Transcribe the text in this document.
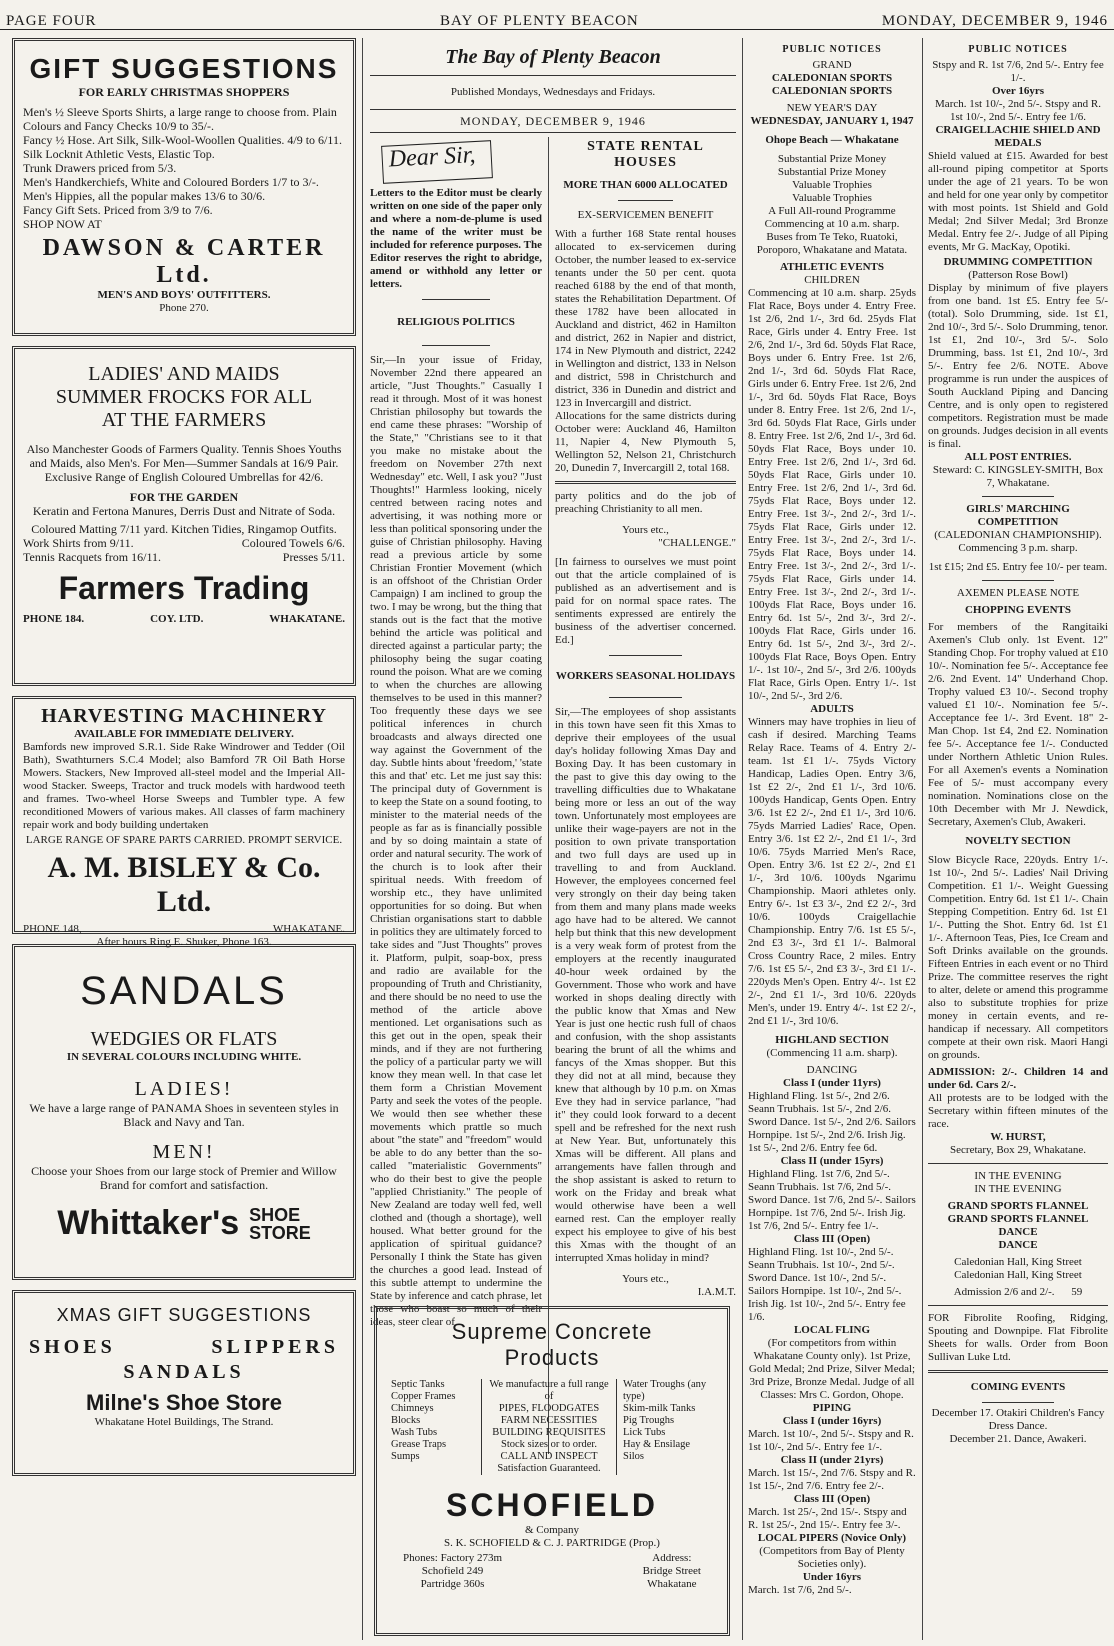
PAGE FOUR	BAY OF PLENTY BEACON	MONDAY, DECEMBER 9, 1946
GIFT SUGGESTIONS
FOR EARLY CHRISTMAS SHOPPERS
Men's ½ Sleeve Sports Shirts, a large range to choose from. Plain Colours and Fancy Checks 10/9 to 35/-.
Fancy ½ Hose. Art Silk, Silk-Wool-Woollen Qualities. 4/9 to 6/11.
Silk Locknit Athletic Vests, Elastic Top.
Trunk Drawers priced from 5/3.
Men's Handkerchiefs, White and Coloured Borders 1/7 to 3/-.
Men's Hippies, all the popular makes 13/6 to 30/6.
Fancy Gift Sets. Priced from 3/9 to 7/6.
SHOP NOW AT
DAWSON & CARTER Ltd.
MEN'S AND BOYS' OUTFITTERS.
Phone 270.
LADIES' AND MAIDS
SUMMER FROCKS FOR ALL
AT THE FARMERS
Also Manchester Goods of Farmers Quality. Tennis Shoes Youths and Maids, also Men's. For Men—Summer Sandals at 16/9 Pair. Exclusive Range of English Coloured Umbrellas for 42/6.
FOR THE GARDEN
Keratin and Fertona Manures, Derris Dust and Nitrate of Soda.
Coloured Matting 7/11 yard. Kitchen Tidies, Ringamop Outfits.
Work Shirts from 9/11.	Coloured Towels 6/6.
Tennis Racquets from 16/11.	Presses 5/11.
Farmers Trading
PHONE 184.	COY. LTD.	WHAKATANE.
HARVESTING MACHINERY
AVAILABLE FOR IMMEDIATE DELIVERY.
Bamfords new improved S.R.1. Side Rake Windrower and Tedder (Oil Bath), Swathturners S.C.4 Model; also Bamford 7R Oil Bath Horse Mowers. Stackers, New Improved all-steel model and the Imperial All-wood Stacker. Sweeps, Tractor and truck models with hardwood teeth and frames. Two-wheel Horse Sweeps and Tumbler type. A few reconditioned Mowers of various makes. All classes of farm machinery repair work and body building undertaken
LARGE RANGE OF SPARE PARTS CARRIED. PROMPT SERVICE.
A. M. BISLEY & Co. Ltd.
PHONE 148,	WHAKATANE.
After hours Ring E. Shuker, Phone 163.
SANDALS
WEDGIES OR FLATS
IN SEVERAL COLOURS INCLUDING WHITE.
LADIES!
We have a large range of PANAMA Shoes in seventeen styles in Black and Navy and Tan.
MEN!
Choose your Shoes from our large stock of Premier and Willow Brand for comfort and satisfaction.
Whittaker's SHOE
STORE
XMAS GIFT SUGGESTIONS
SHOES	SLIPPERS
SANDALS
Milne's Shoe Store
Whakatane Hotel Buildings, The Strand.
The Bay of Plenty Beacon
Published Mondays, Wednesdays and Fridays.
MONDAY, DECEMBER 9, 1946
Dear Sir,
Letters to the Editor must be clearly written on one side of the paper only and where a nom-de-plume is used the name of the writer must be included for reference purposes. The Editor reserves the right to abridge, amend or withhold any letter or letters.
RELIGIOUS POLITICS
Sir,—In your issue of Friday, November 22nd there appeared an article, "Just Thoughts." Casually I read it through. Most of it was honest Christian philosophy but towards the end came these phrases: "Worship of the State," "Christians see to it that you make no mistake about the freedom on November 27th next Wednesday" etc. Well, I ask you? "Just Thoughts!" Harmless looking, nicely centred between racing notes and advertising, it was nothing more or less than political sponsoring under the guise of Christian philosophy. Having read a previous article by some Christian Frontier Movement (which is an offshoot of the Christian Order Campaign) I am inclined to group the two. I may be wrong, but the thing that stands out is the fact that the motive behind the article was political and directed against a particular party; the philosophy being the sugar coating round the poison. What are we coming to when the churches are allowing themselves to be used in this manner? Too frequently these days we see political inferences in church broadcasts and always directed one way against the Government of the day. Subtle hints about 'freedom,' 'state this and that' etc. Let me just say this: The principal duty of Government is to keep the State on a sound footing, to minister to the material needs of the people as far as is financially possible and by so doing maintain a state of order and natural security. The work of the church is to look after their spiritual needs. With freedom of worship etc., they have unlimited opportunities for so doing. But when Christian organisations start to dabble in politics they are ultimately forced to take sides and "Just Thoughts" proves it. Platform, pulpit, soap-box, press and radio are available for the propounding of Truth and Christianity, and there should be no need to use the method of the article above mentioned. Let organisations such as this get out in the open, speak their minds, and if they are not furthering the policy of a particular party we will know they mean well. In that case let them form a Christian Movement Party and seek the votes of the people. We would then see whether these movements which prattle so much about "the state" and "freedom" would be able to do any better than the so-called "materialistic Governments" who do their best to give the people "applied Christianity." The people of New Zealand are today well fed, well clothed and (though a shortage), well housed. What better ground for the application of spiritual guidance? Personally I think the State has given the churches a good lead. Instead of this subtle attempt to undermine the State by inference and catch phrase, let those who boast so much of their ideas, steer clear of
STATE RENTAL HOUSES
MORE THAN 6000 ALLOCATED
EX-SERVICEMEN BENEFIT
With a further 168 State rental houses allocated to ex-servicemen during October, the number leased to ex-service tenants under the 50 per cent. quota reached 6188 by the end of that month, states the Rehabilitation Department. Of these 1782 have been allocated in Auckland and district, 462 in Hamilton and district, 262 in Napier and district, 174 in New Plymouth and district, 2242 in Wellington and district, 133 in Nelson and district, 598 in Christchurch and district, 336 in Dunedin and district and 123 in Invercargill and district.
Allocations for the same districts during October were: Auckland 46, Hamilton 11, Napier 4, New Plymouth 5, Wellington 52, Nelson 21, Christchurch 20, Dunedin 7, Invercargill 2, total 168.
party politics and do the job of preaching Christianity to all men.
Yours etc.,
"CHALLENGE."
[In fairness to ourselves we must point out that the article complained of is published as an advertisement and is paid for on normal space rates. The sentiments expressed are entirely the business of the advertiser concerned. Ed.]
WORKERS SEASONAL HOLIDAYS
Sir,—The employees of shop assistants in this town have seen fit this Xmas to deprive their employees of the usual day's holiday following Xmas Day and Boxing Day. It has been customary in the past to give this day owing to the travelling difficulties due to Whakatane being more or less an out of the way town. Unfortunately most employees are unlike their wage-payers are not in the position to own private transportation and two full days are used up in travelling to and from Auckland. However, the employees concerned feel very strongly on their day being taken from them and many plans made weeks ago have had to be altered. We cannot help but think that this new development is a very weak form of protest from the employers at the recently inaugurated 40-hour week ordained by the Government. Those who work and have worked in shops dealing directly with the public know that Xmas and New Year is just one hectic rush full of chaos and confusion, with the shop assistants bearing the brunt of all the whims and fancys of the Xmas shopper. But this they did not at all mind, because they knew that although by 10 p.m. on Xmas Eve they had in service parlance, "had it" they could look forward to a decent spell and be refreshed for the next rush at New Year. But, unfortunately this Xmas will be different. All plans and arrangements have fallen through and the shop assistant is asked to return to work on the Friday and break what would otherwise have been a well earned rest. Can the employer really expect his employee to give of his best this Xmas with the thought of an interrupted Xmas holiday in mind?
Yours etc.,
I.A.M.T.
Supreme Concrete
Products
Septic Tanks
Copper Frames
Chimneys
Blocks
Wash Tubs
Grease Traps
Sumps
We manufacture a full range of
PIPES, FLOODGATES
FARM NECESSITIES
BUILDING REQUISITES
Stock sizes or to order.
CALL AND INSPECT
Satisfaction Guaranteed.
Water Troughs (any type)
Skim-milk Tanks
Pig Troughs
Lick Tubs
Hay & Ensilage Silos
SCHOFIELD
& Company
S. K. SCHOFIELD & C. J. PARTRIDGE (Prop.)
Phones: Factory 273m
Schofield 249
Partridge 360s
Address:
Bridge Street
Whakatane
PUBLIC NOTICES
GRAND
CALEDONIAN SPORTS
CALEDONIAN SPORTS
NEW YEAR'S DAY
WEDNESDAY, JANUARY 1, 1947
Ohope Beach — Whakatane
Substantial Prize Money
Substantial Prize Money
Valuable Trophies
Valuable Trophies
A Full All-round Programme
Commencing at 10 a.m. sharp.
Buses from Te Teko, Ruatoki, Poroporo, Whakatane and Matata.
ATHLETIC EVENTS
CHILDREN
Commencing at 10 a.m. sharp. 25yds Flat Race, Boys under 4. Entry Free. 1st 2/6, 2nd 1/-, 3rd 6d. 25yds Flat Race, Girls under 4. Entry Free. 1st 2/6, 2nd 1/-, 3rd 6d. 50yds Flat Race, Boys under 6. Entry Free. 1st 2/6, 2nd 1/-, 3rd 6d. 50yds Flat Race, Girls under 6. Entry Free. 1st 2/6, 2nd 1/-, 3rd 6d. 50yds Flat Race, Boys under 8. Entry Free. 1st 2/6, 2nd 1/-, 3rd 6d. 50yds Flat Race, Girls under 8. Entry Free. 1st 2/6, 2nd 1/-, 3rd 6d. 50yds Flat Race, Boys under 10. Entry Free. 1st 2/6, 2nd 1/-, 3rd 6d. 50yds Flat Race, Girls under 10. Entry Free. 1st 2/6, 2nd 1/-, 3rd 6d. 75yds Flat Race, Boys under 12. Entry Free. 1st 3/-, 2nd 2/-, 3rd 1/-. 75yds Flat Race, Girls under 12. Entry Free. 1st 3/-, 2nd 2/-, 3rd 1/-. 75yds Flat Race, Boys under 14. Entry Free. 1st 3/-, 2nd 2/-, 3rd 1/-. 75yds Flat Race, Girls under 14. Entry Free. 1st 3/-, 2nd 2/-, 3rd 1/-. 100yds Flat Race, Boys under 16. Entry 6d. 1st 5/-, 2nd 3/-, 3rd 2/-. 100yds Flat Race, Girls under 16. Entry 6d. 1st 5/-, 2nd 3/-, 3rd 2/-. 100yds Flat Race, Boys Open. Entry 1/-. 1st 10/-, 2nd 5/-, 3rd 2/6. 100yds Flat Race, Girls Open. Entry 1/-. 1st 10/-, 2nd 5/-, 3rd 2/6.
ADULTS
Winners may have trophies in lieu of cash if desired. Marching Teams Relay Race. Teams of 4. Entry 2/- team. 1st £1 1/-. 75yds Victory Handicap, Ladies Open. Entry 3/6, 1st £2 2/-, 2nd £1 1/-, 3rd 10/6. 100yds Handicap, Gents Open. Entry 3/6. 1st £2 2/-, 2nd £1 1/-, 3rd 10/6. 75yds Married Ladies' Race, Open. Entry 3/6. 1st £2 2/-, 2nd £1 1/-, 3rd 10/6. 75yds Married Men's Race, Open. Entry 3/6. 1st £2 2/-, 2nd £1 1/-, 3rd 10/6. 100yds Ngarimu Championship. Maori athletes only. Entry 6/-. 1st £3 3/-, 2nd £2 2/-, 3rd 10/6. 100yds Craigellachie Championship. Entry 7/6. 1st £5 5/-, 2nd £3 3/-, 3rd £1 1/-. Balmoral Cross Country Race, 2 miles. Entry 7/6. 1st £5 5/-, 2nd £3 3/-, 3rd £1 1/-. 220yds Men's Open. Entry 4/-. 1st £2 2/-, 2nd £1 1/-, 3rd 10/6. 220yds Men's, under 19. Entry 4/-. 1st £2 2/-, 2nd £1 1/-, 3rd 10/6.
HIGHLAND SECTION
(Commencing 11 a.m. sharp).
DANCING
Class I (under 11yrs)
Highland Fling. 1st 5/-, 2nd 2/6. Seann Trubhais. 1st 5/-, 2nd 2/6. Sword Dance. 1st 5/-, 2nd 2/6. Sailors Hornpipe. 1st 5/-, 2nd 2/6. Irish Jig. 1st 5/-, 2nd 2/6. Entry fee 6d.
Class II (under 15yrs)
Highland Fling. 1st 7/6, 2nd 5/-. Seann Trubhais. 1st 7/6, 2nd 5/-. Sword Dance. 1st 7/6, 2nd 5/-. Sailors Hornpipe. 1st 7/6, 2nd 5/-. Irish Jig. 1st 7/6, 2nd 5/-. Entry fee 1/-.
Class III (Open)
Highland Fling. 1st 10/-, 2nd 5/-. Seann Trubhais. 1st 10/-, 2nd 5/-. Sword Dance. 1st 10/-, 2nd 5/-. Sailors Hornpipe. 1st 10/-, 2nd 5/-. Irish Jig. 1st 10/-, 2nd 5/-. Entry fee 1/6.
LOCAL FLING
(For competitors from within Whakatane County only). 1st Prize, Gold Medal; 2nd Prize, Silver Medal; 3rd Prize, Bronze Medal. Judge of all Classes: Mrs C. Gordon, Ohope.
PIPING
Class I (under 16yrs)
March. 1st 10/-, 2nd 5/-. Stspy and R. 1st 10/-, 2nd 5/-. Entry fee 1/-.
Class II (under 21yrs)
March. 1st 15/-, 2nd 7/6. Stspy and R. 1st 15/-, 2nd 7/6. Entry fee 2/-.
Class III (Open)
March. 1st 25/-, 2nd 15/-. Stspy and R. 1st 25/-, 2nd 15/-. Entry fee 3/-.
LOCAL PIPERS (Novice Only)
(Competitors from Bay of Plenty Societies only).
Under 16yrs
March. 1st 7/6, 2nd 5/-.
PUBLIC NOTICES
Stspy and R. 1st 7/6, 2nd 5/-. Entry fee 1/-.
Over 16yrs
March. 1st 10/-, 2nd 5/-. Stspy and R. 1st 10/-, 2nd 5/-. Entry fee 1/6.
CRAIGELLACHIE SHIELD AND MEDALS
Shield valued at £15. Awarded for best all-round piping competitor at Sports under the age of 21 years. To be won and held for one year only by competitor with most points. 1st Shield and Gold Medal; 2nd Silver Medal; 3rd Bronze Medal. Entry fee 2/-. Judge of all Piping events, Mr G. MacKay, Opotiki.
DRUMMING COMPETITION
(Patterson Rose Bowl)
Display by minimum of five players from one band. 1st £5. Entry fee 5/- (total). Solo Drumming, side. 1st £1, 2nd 10/-, 3rd 5/-. Solo Drumming, tenor. 1st £1, 2nd 10/-, 3rd 5/-. Solo Drumming, bass. 1st £1, 2nd 10/-, 3rd 5/-. Entry fee 2/6. NOTE. Above programme is run under the auspices of South Auckland Piping and Dancing Centre, and is only open to registered competitors. Registration must be made on grounds. Judges decision in all events is final.
ALL POST ENTRIES.
Steward: C. KINGSLEY-SMITH, Box 7, Whakatane.
GIRLS' MARCHING COMPETITION
(CALEDONIAN CHAMPIONSHIP).
Commencing 3 p.m. sharp.
1st £15; 2nd £5. Entry fee 10/- per team.
AXEMEN PLEASE NOTE
CHOPPING EVENTS
For members of the Rangitaiki Axemen's Club only. 1st Event. 12" Standing Chop. For trophy valued at £10 10/-. Nomination fee 5/-. Acceptance fee 2/6. 2nd Event. 14" Underhand Chop. Trophy valued £3 10/-. Second trophy valued £1 10/-. Nomination fee 5/-. Acceptance fee 1/-. 3rd Event. 18" 2-Man Chop. 1st £4, 2nd £2. Nomination fee 5/-. Acceptance fee 1/-. Conducted under Northern Athletic Union Rules. For all Axemen's events a Nomination Fee of 5/- must accompany every nomination. Nominations close on the 10th December with Mr J. Newdick, Secretary, Axemen's Club, Awakeri.
NOVELTY SECTION
Slow Bicycle Race, 220yds. Entry 1/-. 1st 10/-, 2nd 5/-. Ladies' Nail Driving Competition. £1 1/-. Weight Guessing Competition. Entry 6d. 1st £1 1/-. Chain Stepping Competition. Entry 6d. 1st £1 1/-. Putting the Shot. Entry 6d. 1st £1 1/-. Afternoon Teas, Pies, Ice Cream and Soft Drinks available on the grounds. Fifteen Entries in each event or no Third Prize. The committee reserves the right to alter, delete or amend this programme also to substitute trophies for prize money in certain events, and re-handicap if necessary. All competitors compete at their own risk. Maori Hangi on grounds.
ADMISSION: 2/-. Children 14 and under 6d. Cars 2/-.
All protests are to be lodged with the Secretary within fifteen minutes of the race.
W. HURST,
Secretary, Box 29, Whakatane.
IN THE EVENING
IN THE EVENING
GRAND SPORTS FLANNEL
GRAND SPORTS FLANNEL
DANCE
DANCE
Caledonian Hall, King Street
Caledonian Hall, King Street
Admission 2/6 and 2/-. 59
FOR Fibrolite Roofing, Ridging, Spouting and Downpipe. Flat Fibrolite Sheets for walls. Order from Boon Sullivan Luke Ltd.
COMING EVENTS
December 17. Otakiri Children's Fancy Dress Dance.
December 21. Dance, Awakeri.
